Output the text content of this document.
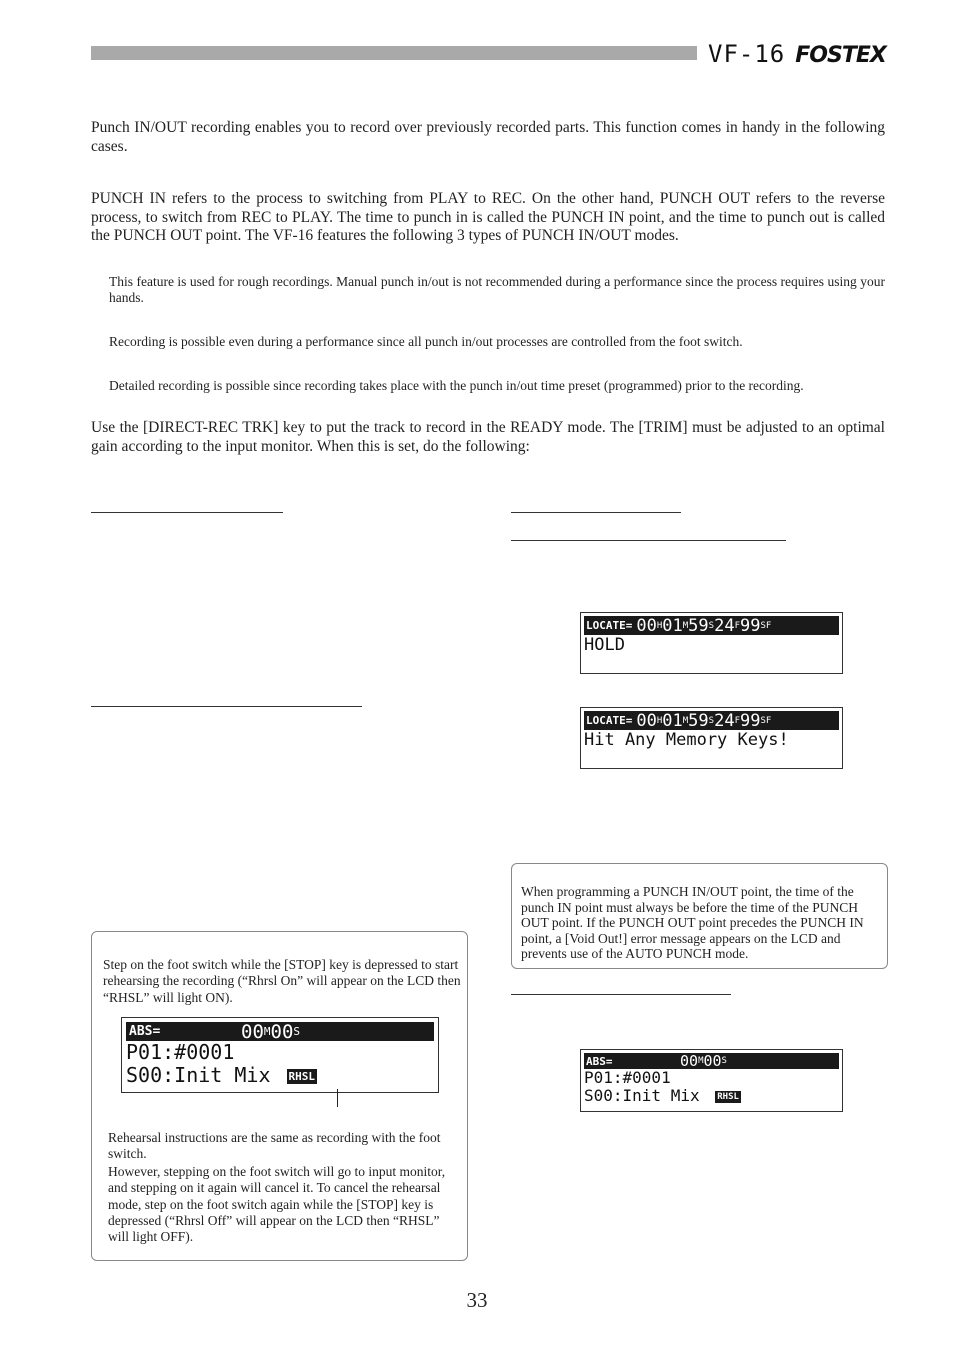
VF-16 FOSTEX
Punch IN/OUT recording enables you to record over previously recorded parts. This function comes in handy in the following cases.
PUNCH IN refers to the process to switching from PLAY to REC. On the other hand, PUNCH OUT refers to the reverse process, to switch from REC to PLAY. The time to punch in is called the PUNCH IN point, and the time to punch out is called the PUNCH OUT point. The VF-16 features the following 3 types of PUNCH IN/OUT modes.
This feature is used for rough recordings. Manual punch in/out is not recommended during a performance since the process requires using your hands.
Recording is possible even during a performance since all punch in/out processes are controlled from the foot switch.
Detailed recording is possible since recording takes place with the punch in/out time preset (programmed) prior to the recording.
Use the [DIRECT-REC TRK] key to put the track to record in the READY mode. The [TRIM] must be adjusted to an optimal gain according to the input monitor. When this is set, do the following:
LOCATE= 00 H 01 M 59 S 24 F 99 SF
HOLD
LOCATE= 00 H 01 M 59 S 24 F 99 SF
Hit Any Memory Keys!
When programming a PUNCH IN/OUT point, the time of the punch IN point must always be before the time of the PUNCH OUT point. If the PUNCH OUT point precedes the PUNCH IN point, a [Void Out!] error message appears on the LCD and prevents use of the AUTO PUNCH mode.
ABS=	00 M 00 S
P01:#0001
S00:Init Mix RHSL
Step on the foot switch while the [STOP] key is depressed to start rehearsing the recording (“Rhrsl On” will appear on the LCD then “RHSL” will light ON).
ABS=	00 M 00 S
P01:#0001
S00:Init Mix RHSL
Rehearsal instructions are the same as recording with the foot switch.
However, stepping on the foot switch will go to input monitor, and stepping on it again will cancel it. To cancel the rehearsal mode, step on the foot switch again while the [STOP] key is depressed (“Rhrsl Off” will appear on the LCD then “RHSL” will light OFF).
33
